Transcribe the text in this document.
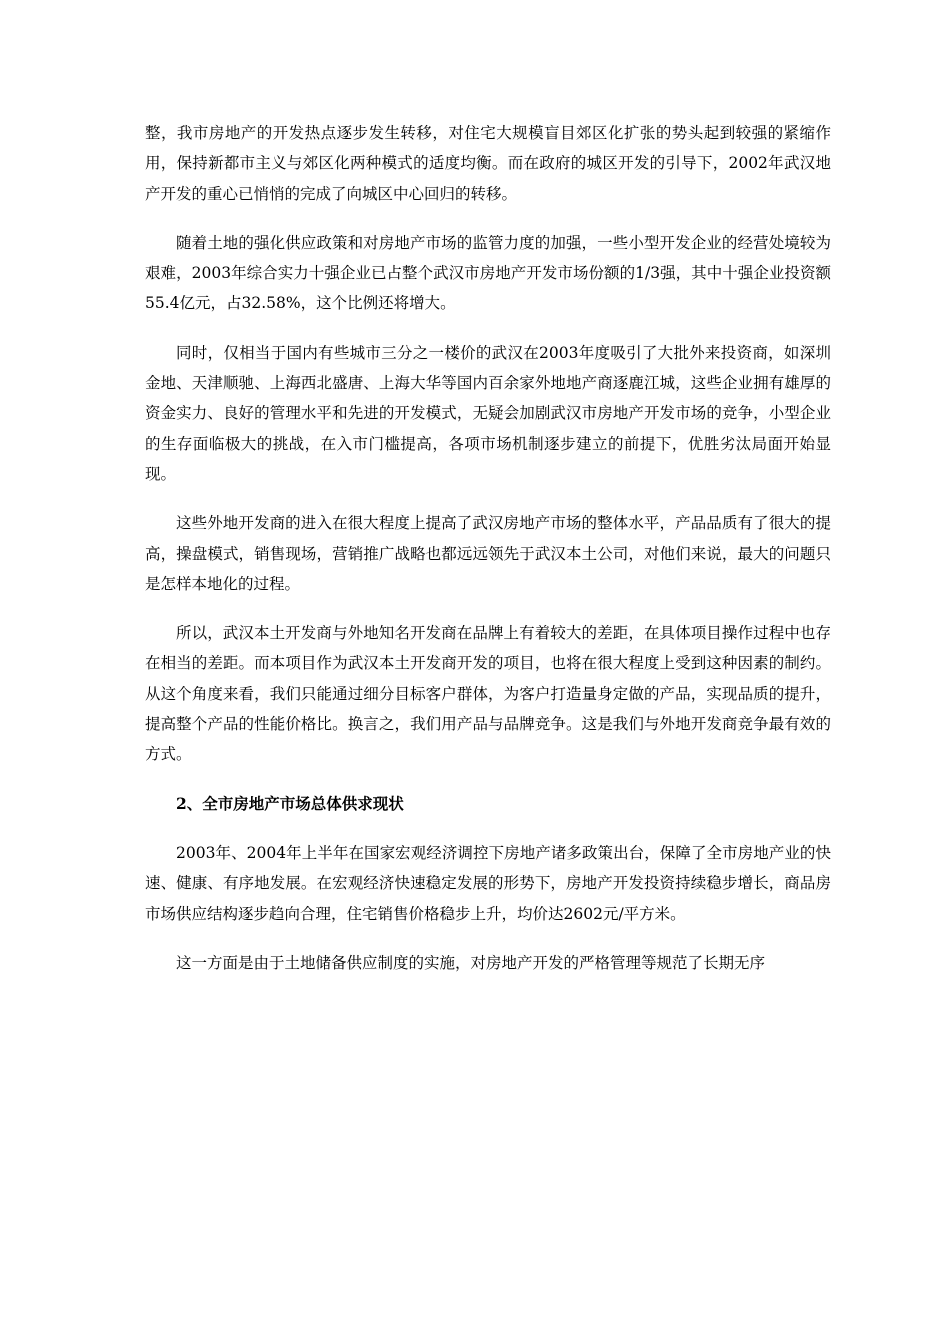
整，我市房地产的开发热点逐步发生转移，对住宅大规模盲目郊区化扩张的势头起到较强的紧缩作用，保持新都市主义与郊区化两种模式的适度均衡。而在政府的城区开发的引导下，2002年武汉地产开发的重心已悄悄的完成了向城区中心回归的转移。

随着土地的强化供应政策和对房地产市场的监管力度的加强，一些小型开发企业的经营处境较为艰难，2003年综合实力十强企业已占整个武汉市房地产开发市场份额的1/3强，其中十强企业投资额55.4亿元，占32.58%，这个比例还将增大。

同时，仅相当于国内有些城市三分之一楼价的武汉在2003年度吸引了大批外来投资商，如深圳金地、天津顺驰、上海西北盛唐、上海大华等国内百余家外地地产商逐鹿江城，这些企业拥有雄厚的资金实力、良好的管理水平和先进的开发模式，无疑会加剧武汉市房地产开发市场的竞争，小型企业的生存面临极大的挑战，在入市门槛提高，各项市场机制逐步建立的前提下，优胜劣汰局面开始显现。

这些外地开发商的进入在很大程度上提高了武汉房地产市场的整体水平，产品品质有了很大的提高，操盘模式，销售现场，营销推广战略也都远远领先于武汉本土公司，对他们来说，最大的问题只是怎样本地化的过程。

所以，武汉本土开发商与外地知名开发商在品牌上有着较大的差距，在具体项目操作过程中也存在相当的差距。而本项目作为武汉本土开发商开发的项目，也将在很大程度上受到这种因素的制约。从这个角度来看，我们只能通过细分目标客户群体，为客户打造量身定做的产品，实现品质的提升，提高整个产品的性能价格比。换言之，我们用产品与品牌竞争。这是我们与外地开发商竞争最有效的方式。

2、全市房地产市场总体供求现状

2003年、2004年上半年在国家宏观经济调控下房地产诸多政策出台，保障了全市房地产业的快速、健康、有序地发展。在宏观经济快速稳定发展的形势下，房地产开发投资持续稳步增长，商品房市场供应结构逐步趋向合理，住宅销售价格稳步上升，均价达2602元/平方米。

这一方面是由于土地储备供应制度的实施，对房地产开发的严格管理等规范了长期无序
